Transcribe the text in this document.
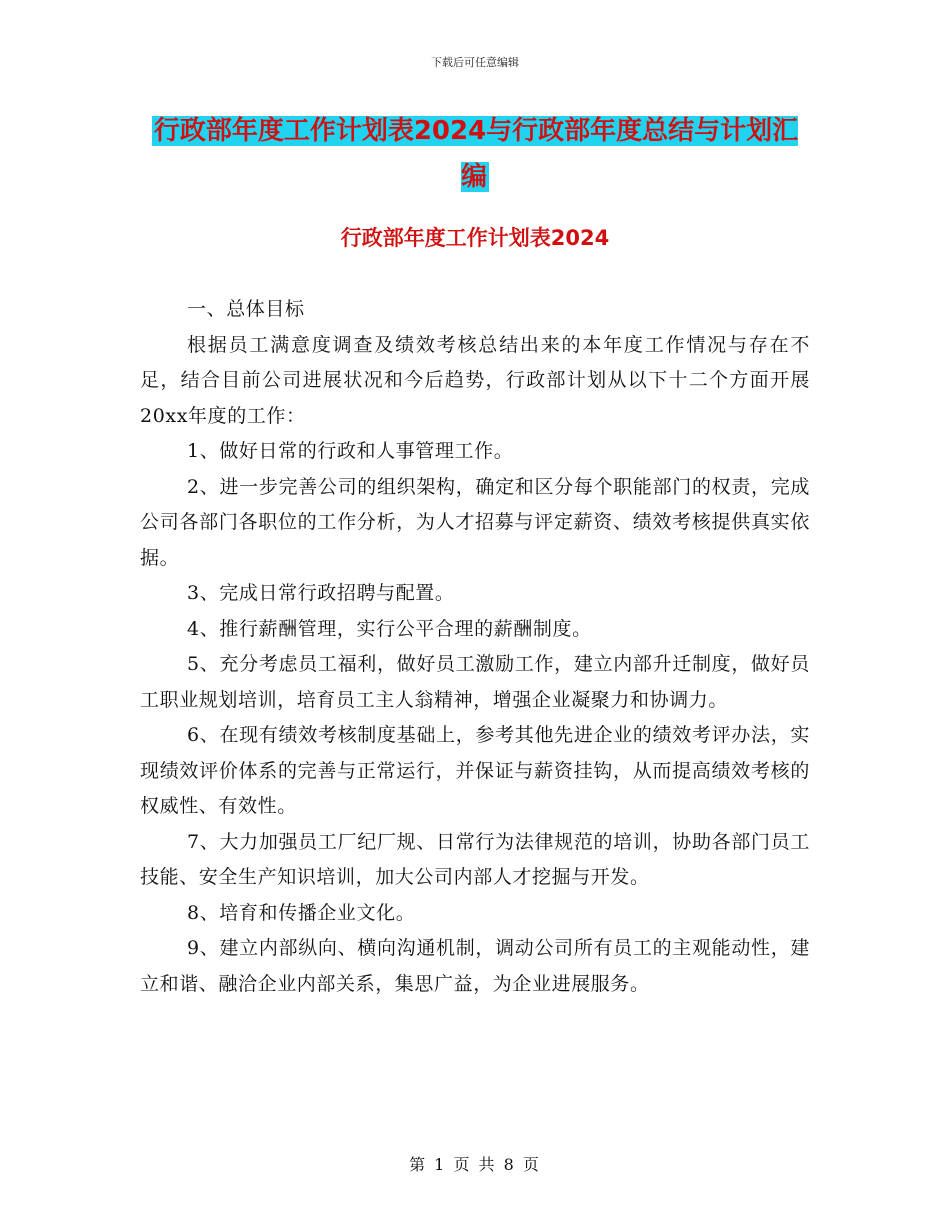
下载后可任意编辑
行政部年度工作计划表2024与行政部年度总结与计划汇编
行政部年度工作计划表2024

一、总体目标

根据员工满意度调查及绩效考核总结出来的本年度工作情况与存在不足，结合目前公司进展状况和今后趋势，行政部计划从以下十二个方面开展20xx年度的工作：

1、做好日常的行政和人事管理工作。

2、进一步完善公司的组织架构，确定和区分每个职能部门的权责，完成公司各部门各职位的工作分析，为人才招募与评定薪资、绩效考核提供真实依据。

3、完成日常行政招聘与配置。

4、推行薪酬管理，实行公平合理的薪酬制度。

5、充分考虑员工福利，做好员工激励工作，建立内部升迁制度，做好员工职业规划培训，培育员工主人翁精神，增强企业凝聚力和协调力。

6、在现有绩效考核制度基础上，参考其他先进企业的绩效考评办法，实现绩效评价体系的完善与正常运行，并保证与薪资挂钩，从而提高绩效考核的权威性、有效性。

7、大力加强员工厂纪厂规、日常行为法律规范的培训，协助各部门员工技能、安全生产知识培训，加大公司内部人才挖掘与开发。

8、培育和传播企业文化。

9、建立内部纵向、横向沟通机制，调动公司所有员工的主观能动性，建立和谐、融洽企业内部关系，集思广益，为企业进展服务。

第 1 页 共 8 页
